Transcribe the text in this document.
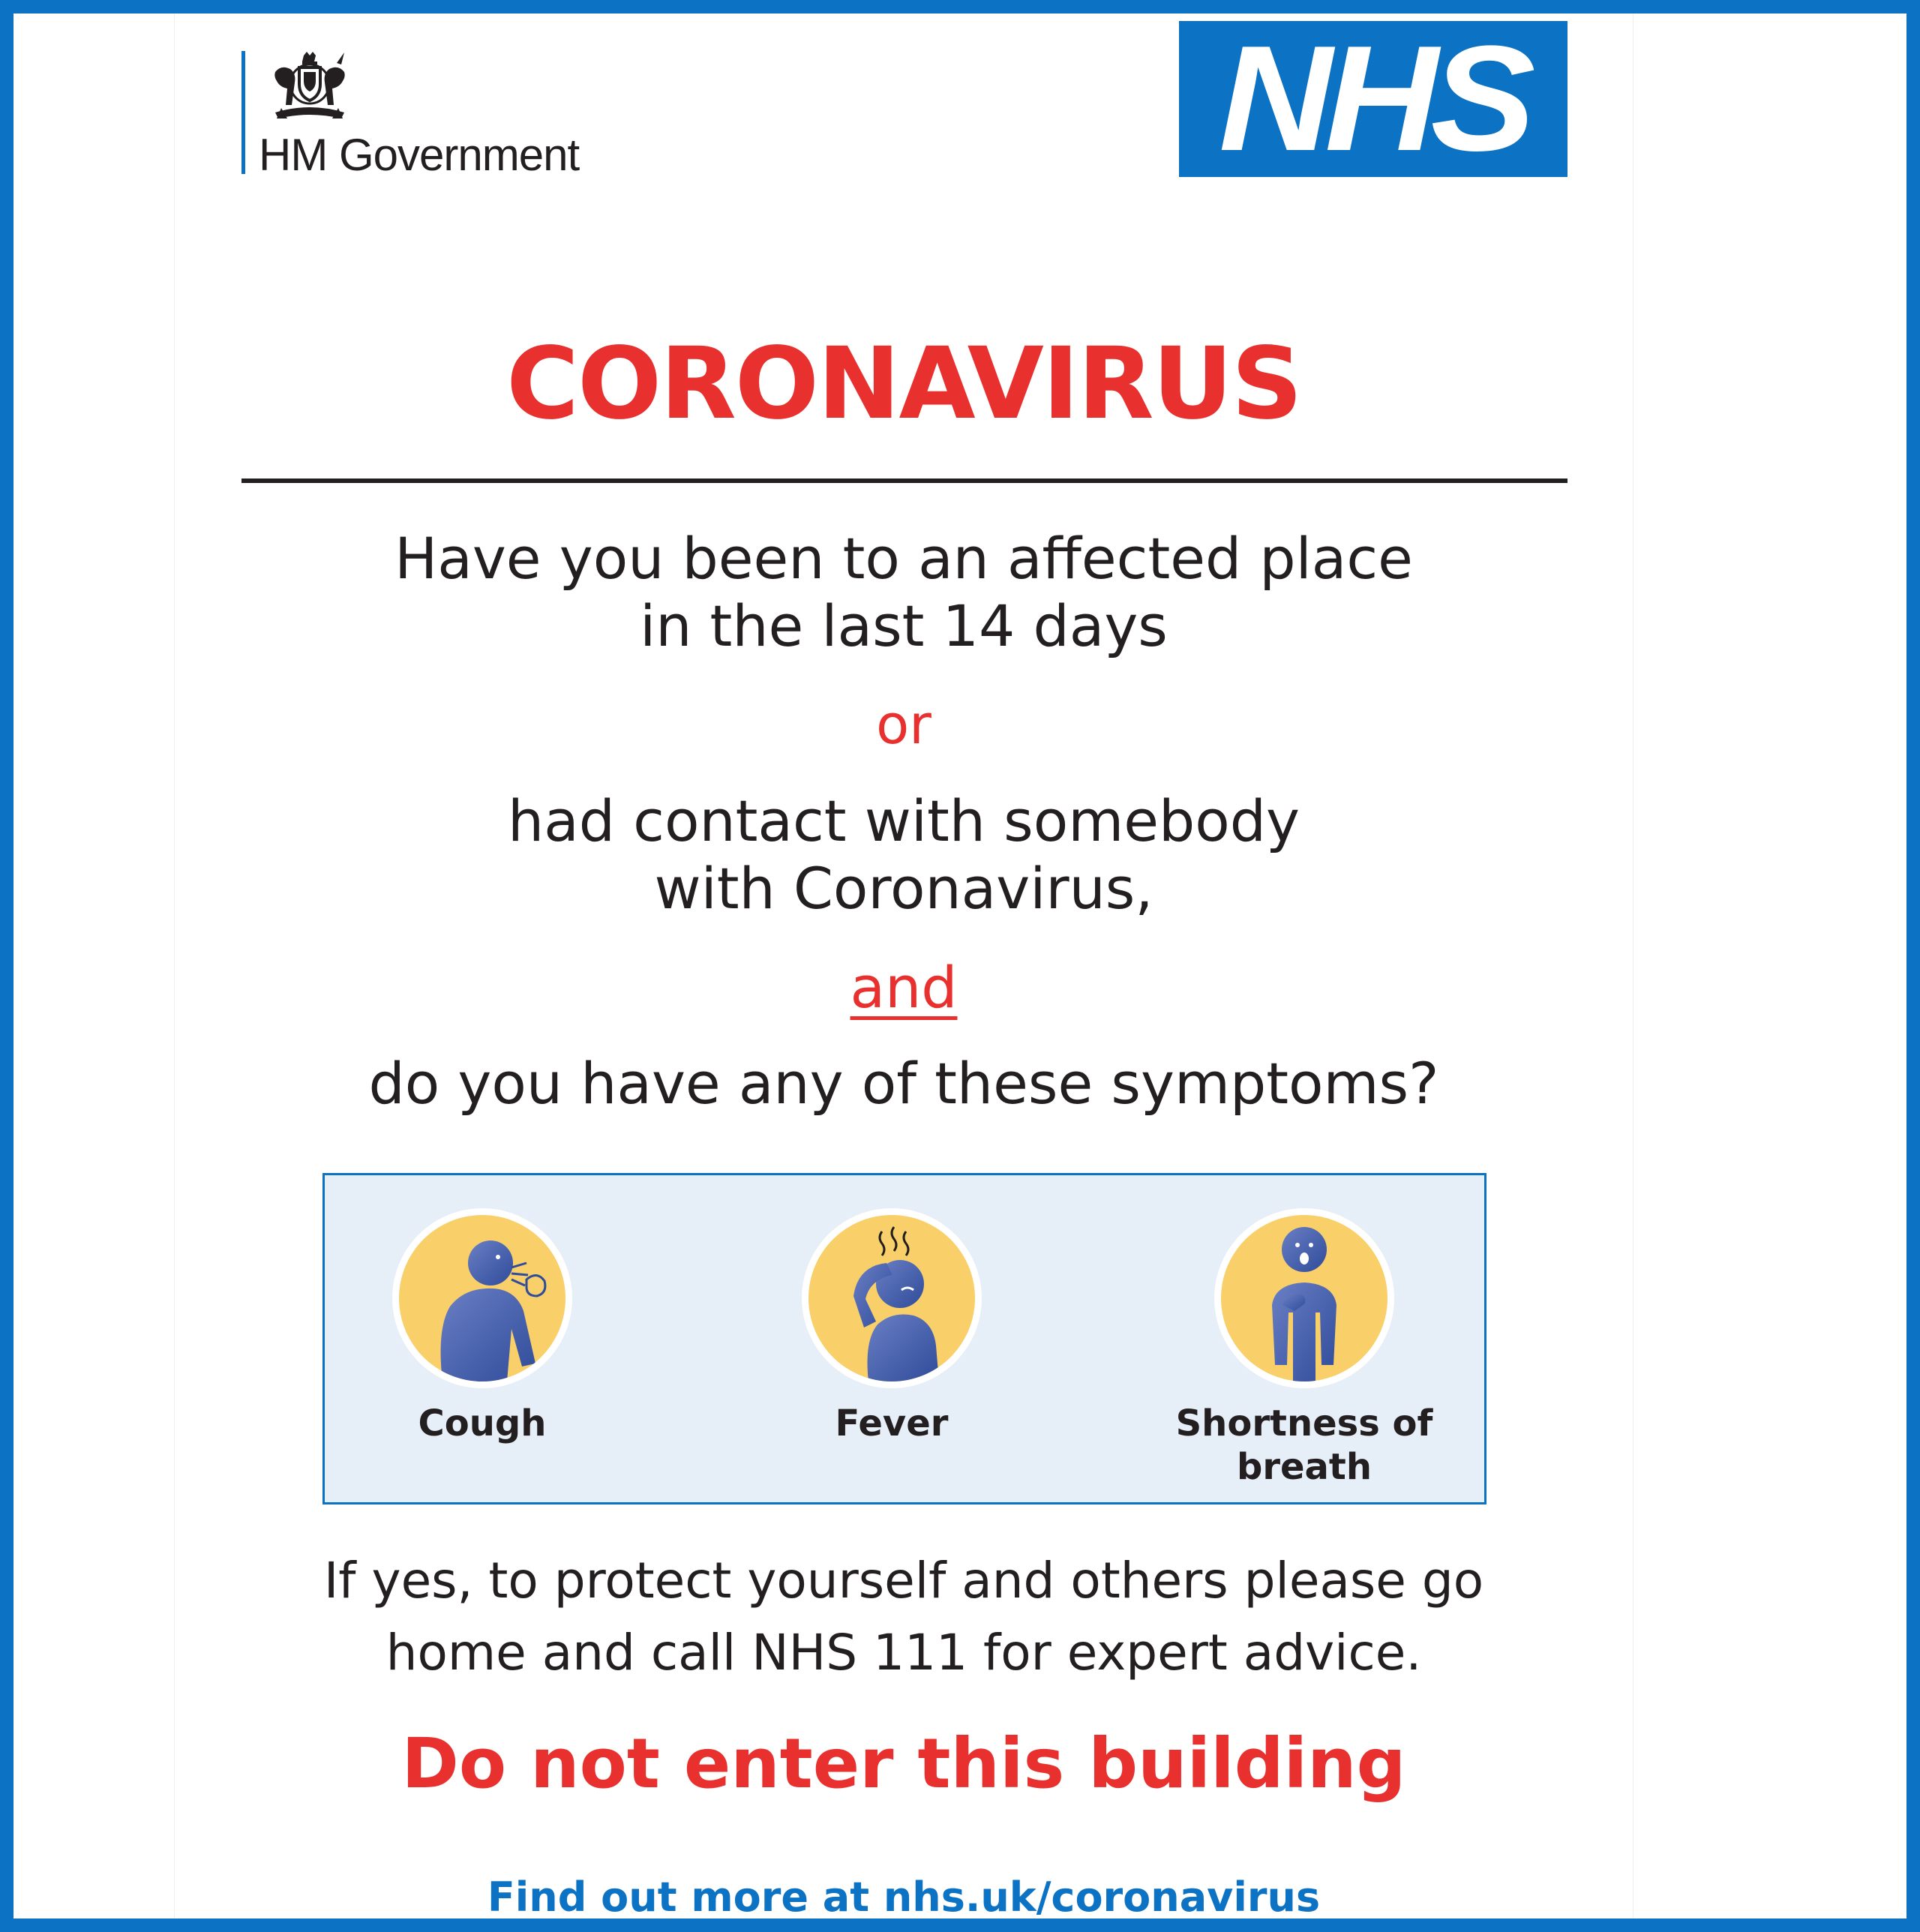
HM Government	NHS
CORONAVIRUS
Have you been to an affected place
in the last 14 days
or
had contact with somebody
with Coronavirus,
and
do you have any of these symptoms?
Cough	Fever	Shortness of
breath
If yes, to protect yourself and others please go
home and call NHS 111 for expert advice.
Do not enter this building
Find out more at nhs.uk/coronavirus
